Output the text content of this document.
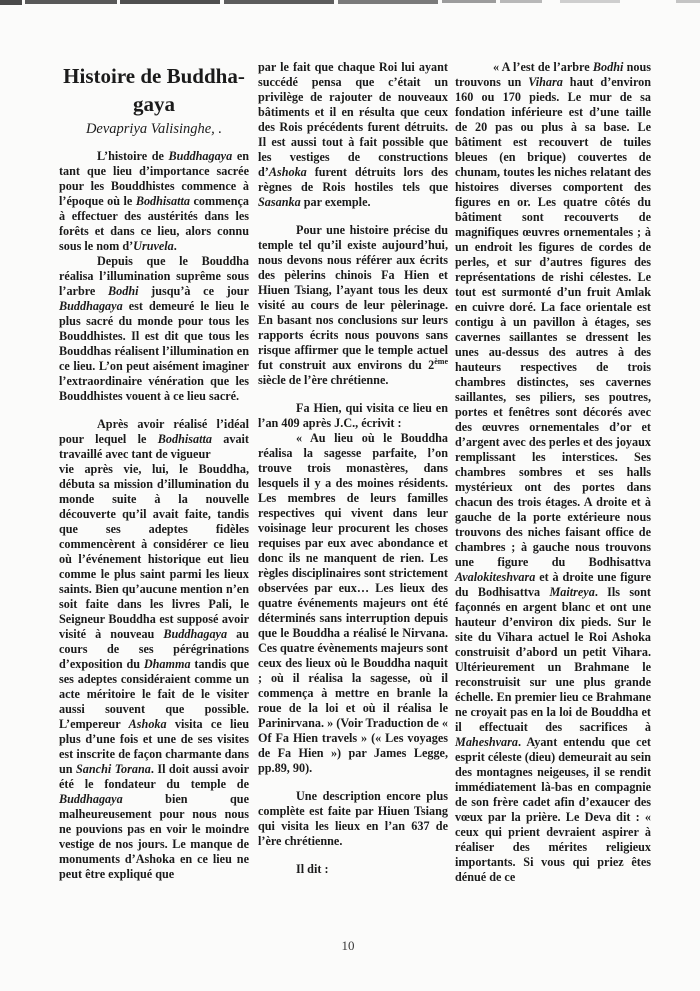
Histoire de Buddha-
gaya
Devapriya Valisinghe, .

L’histoire de Buddhagaya en tant que lieu d’importance sacrée pour les Bouddhistes commence à l’époque où le Bodhisatta commença à effectuer des austérités dans les forêts et dans ce lieu, alors connu sous le nom d’Uruvela.

Depuis que le Bouddha réalisa l’illumination suprême sous l’arbre Bodhi jusqu’à ce jour Buddhagaya est demeuré le lieu le plus sacré du monde pour tous les Bouddhistes. Il est dit que tous les Bouddhas réalisent l’illumination en ce lieu. L’on peut aisément imaginer l’extraordinaire vénération que les Bouddhistes vouent à ce lieu sacré.

Après avoir réalisé l’idéal pour lequel le Bodhisatta avait travaillé avec tant de vigueur
vie après vie, lui, le Bouddha, débuta sa mission d’illumination du monde suite à la nouvelle découverte qu’il avait faite, tandis que ses adeptes fidèles commencèrent à considérer ce lieu où l’événement historique eut lieu comme le plus saint parmi les lieux saints. Bien qu’aucune mention n’en soit faite dans les livres Pali, le Seigneur Bouddha est supposé avoir visité à nouveau Buddhagaya au cours de ses pérégrinations d’exposition du Dhamma tandis que ses adeptes considéraient comme un acte méritoire le fait de le visiter aussi souvent que possible. L’empereur Ashoka visita ce lieu plus d’une fois et une de ses visites est inscrite de façon charmante dans un Sanchi Torana. Il doit aussi avoir été le fondateur du temple de Buddhagaya bien que malheureusement pour nous nous ne pouvions pas en voir le moindre vestige de nos jours. Le manque de monuments d’Ashoka en ce lieu ne peut être expliqué que

par le fait que chaque Roi lui ayant succédé pensa que c’était un privilège de rajouter de nouveaux bâtiments et il en résulta que ceux des Rois précédents furent détruits. Il est aussi tout à fait possible que les vestiges de constructions d’Ashoka furent détruits lors des règnes de Rois hostiles tels que Sasanka par exemple.

Pour une histoire précise du temple tel qu’il existe aujourd’hui, nous devons nous référer aux écrits des pèlerins chinois Fa Hien et Hiuen Tsiang, l’ayant tous les deux visité au cours de leur pèlerinage. En basant nos conclusions sur leurs rapports écrits nous pouvons sans risque affirmer que le temple actuel fut construit aux environs du 2ème siècle de l’ère chrétienne.

Fa Hien, qui visita ce lieu en l’an 409 après J.C., écrivit :

« Au lieu où le Bouddha réalisa la sagesse parfaite, l’on trouve trois monastères, dans lesquels il y a des moines résidents. Les membres de leurs familles respectives qui vivent dans leur voisinage leur procurent les choses requises par eux avec abondance et donc ils ne manquent de rien. Les règles disciplinaires sont strictement observées par eux… Les lieux des quatre événements majeurs ont été déterminés sans interruption depuis que le Bouddha a réalisé le Nirvana. Ces quatre évènements majeurs sont ceux des lieux où le Bouddha naquit ; où il réalisa la sagesse, où il commença à mettre en branle la roue de la loi et où il réalisa le Parinirvana. » (Voir Traduction de « Of Fa Hien travels » (« Les voyages de Fa Hien ») par James Legge, pp.89, 90).

Une description encore plus complète est faite par Hiuen Tsiang qui visita les lieux en l’an 637 de l’ère chrétienne.

Il dit :

« A l’est de l’arbre Bodhi nous trouvons un Vihara haut d’environ 160 ou 170 pieds. Le mur de sa fondation inférieure est d’une taille de 20 pas ou plus à sa base. Le bâtiment est recouvert de tuiles bleues (en brique) couvertes de chunam, toutes les niches relatant des histoires diverses comportent des figures en or. Les quatre côtés du bâtiment sont recouverts de magnifiques œuvres ornementales ; à un endroit les figures de cordes de perles, et sur d’autres figures des représentations de rishi célestes. Le tout est surmonté d’un fruit Amlak en cuivre doré. La face orientale est contigu à un pavillon à étages, ses cavernes saillantes se dressent les unes au-dessus des autres à des hauteurs respectives de trois chambres distinctes, ses cavernes saillantes, ses piliers, ses poutres, portes et fenêtres sont décorés avec des œuvres ornementales d’or et d’argent avec des perles et des joyaux remplissant les interstices. Ses chambres sombres et ses halls mystérieux ont des portes dans chacun des trois étages. A droite et à gauche de la porte extérieure nous trouvons des niches faisant office de chambres ; à gauche nous trouvons une figure du Bodhisattva Avalokiteshvara et à droite une figure du Bodhisattva Maitreya. Ils sont façonnés en argent blanc et ont une hauteur d’environ dix pieds. Sur le site du Vihara actuel le Roi Ashoka construisit d’abord un petit Vihara. Ultérieurement un Brahmane le reconstruisit sur une plus grande échelle. En premier lieu ce Brahmane ne croyait pas en la loi de Bouddha et il effectuait des sacrifices à Maheshvara. Ayant entendu que cet esprit céleste (dieu) demeurait au sein des montagnes neigeuses, il se rendit immédiatement là-bas en compagnie de son frère cadet afin d’exaucer des vœux par la prière. Le Deva dit : « ceux qui prient devraient aspirer à réaliser des mérites religieux importants. Si vous qui priez êtes dénué de ce

10
